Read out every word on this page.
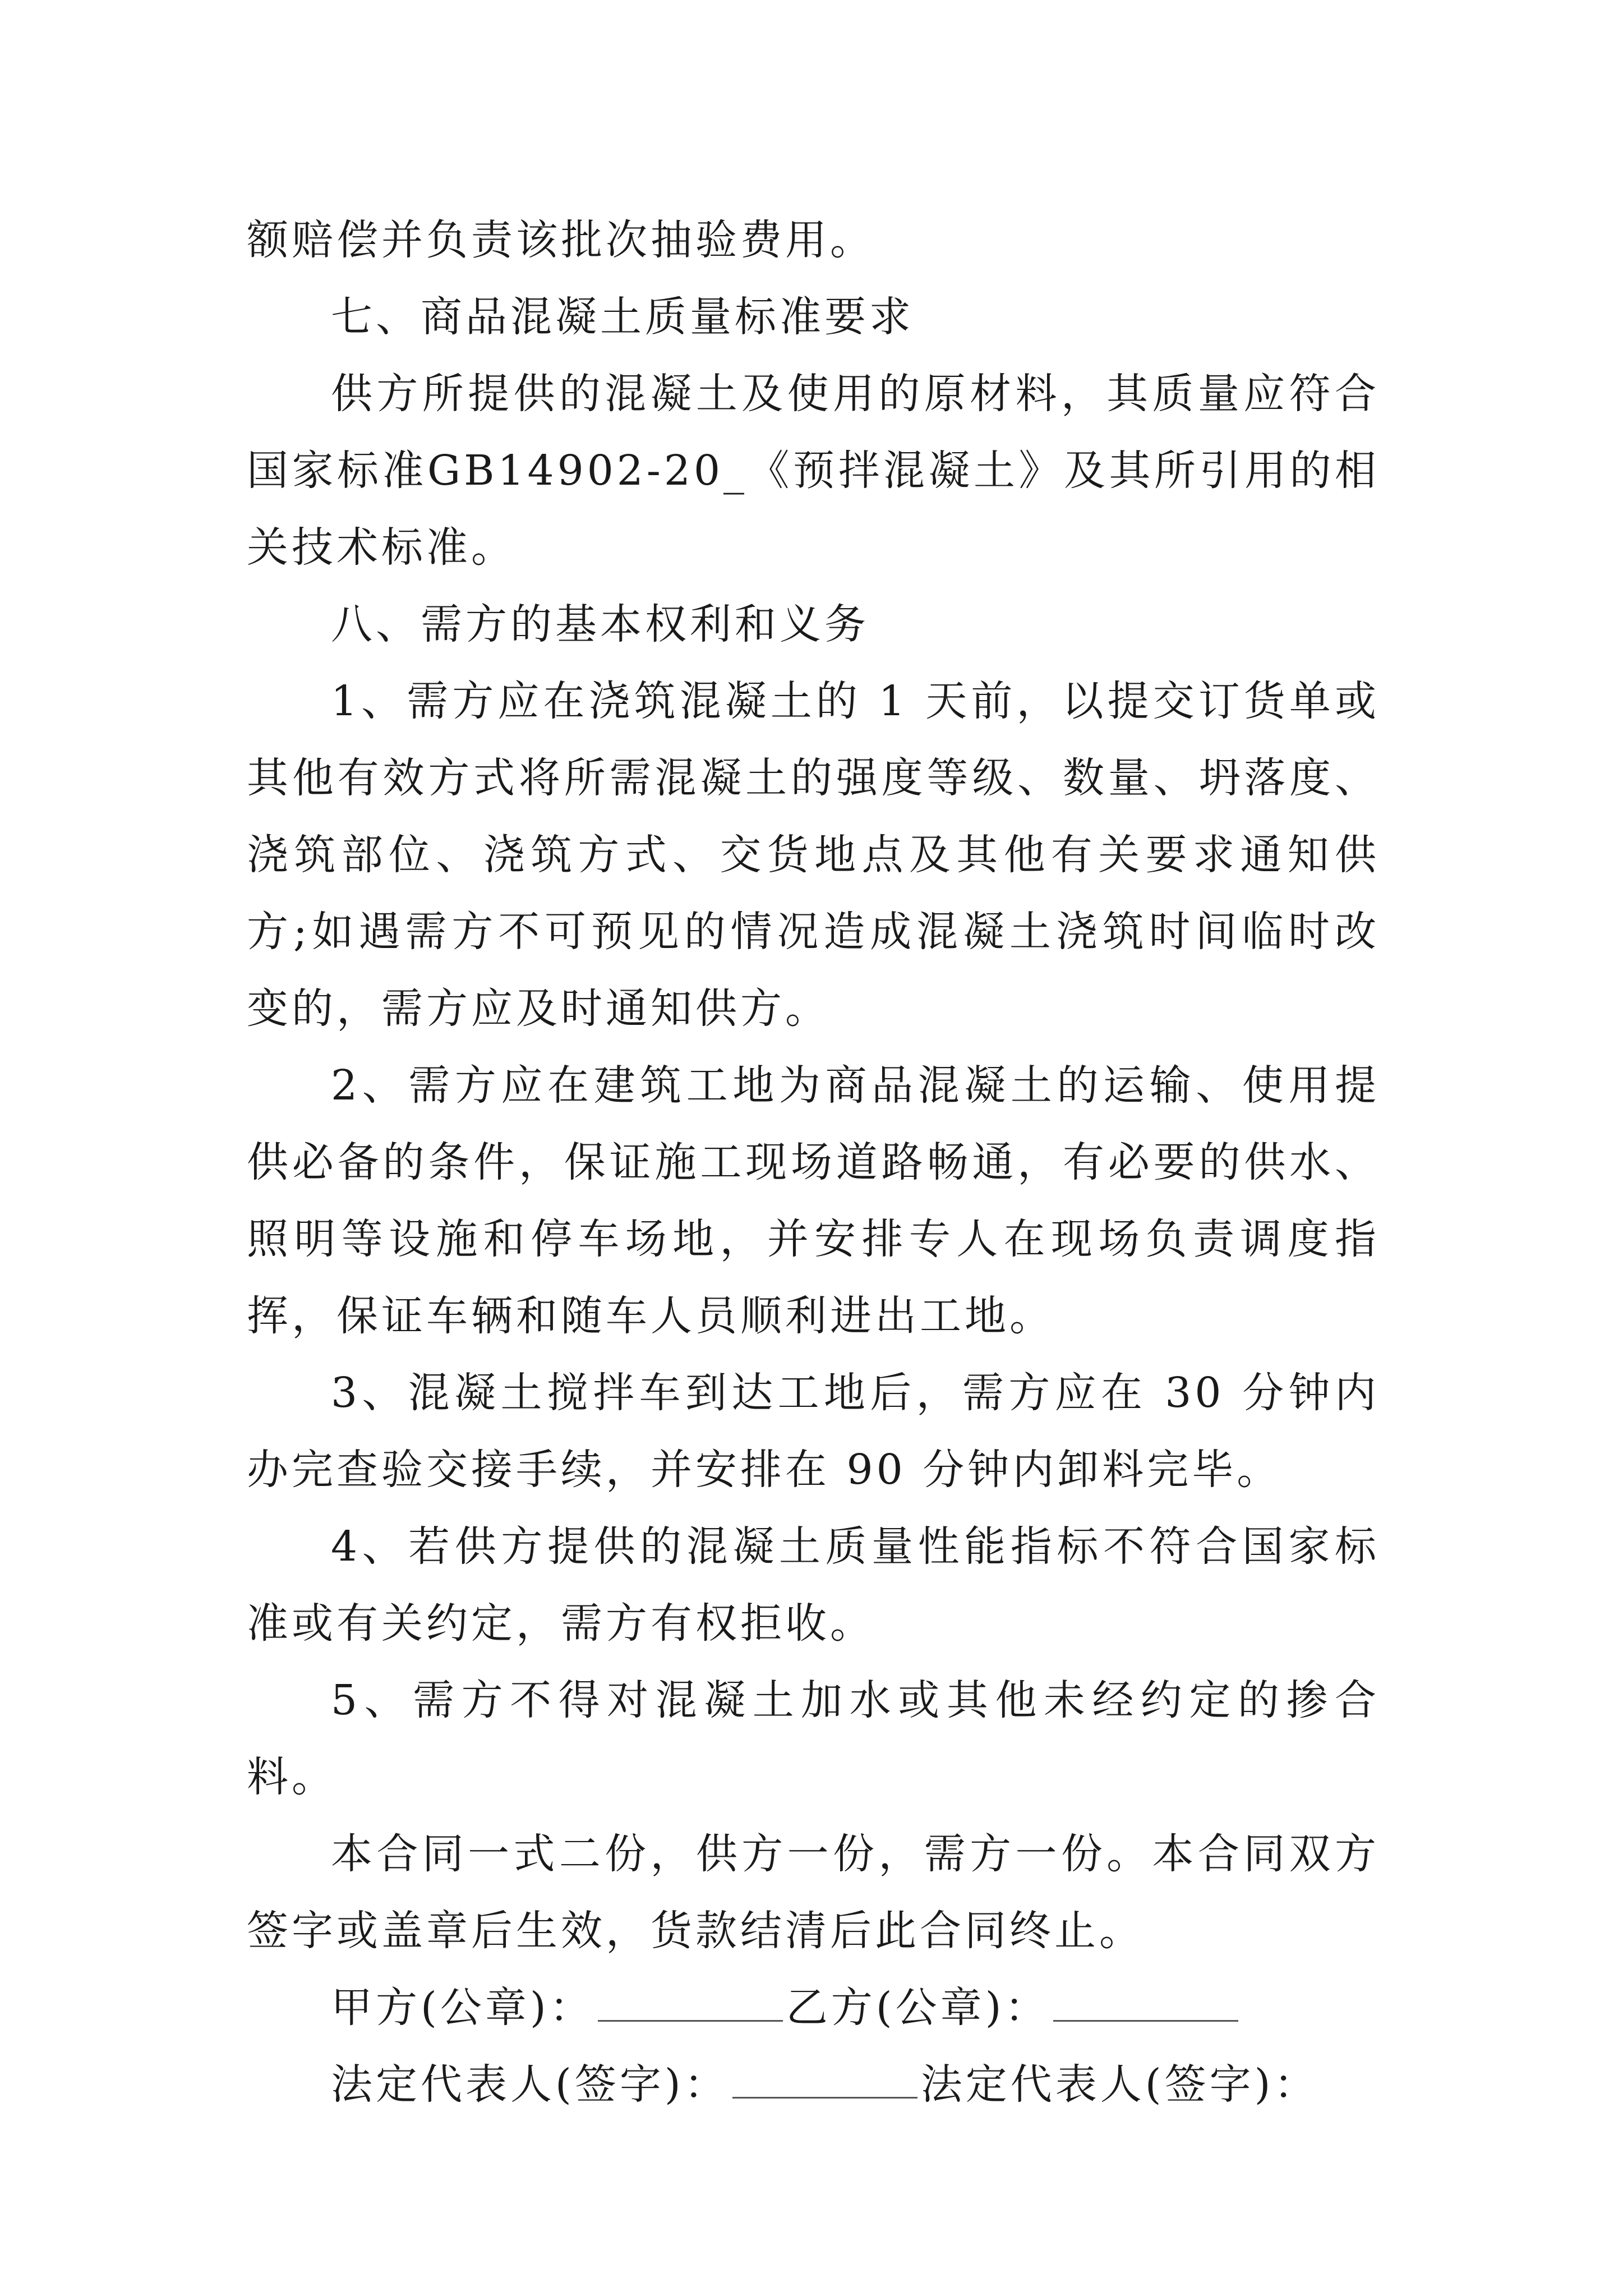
额赔偿并负责该批次抽验费用。

七、商品混凝土质量标准要求

供方所提供的混凝土及使用的原材料，其质量应符合国家标准GB14902-20_《预拌混凝土》及其所引用的相关技术标准。

八、需方的基本权利和义务

1、需方应在浇筑混凝土的 1 天前，以提交订货单或其他有效方式将所需混凝土的强度等级、数量、坍落度、浇筑部位、浇筑方式、交货地点及其他有关要求通知供方;如遇需方不可预见的情况造成混凝土浇筑时间临时改变的，需方应及时通知供方。

2、需方应在建筑工地为商品混凝土的运输、使用提供必备的条件，保证施工现场道路畅通，有必要的供水、照明等设施和停车场地，并安排专人在现场负责调度指挥，保证车辆和随车人员顺利进出工地。

3、混凝土搅拌车到达工地后，需方应在 30 分钟内办完查验交接手续，并安排在 90 分钟内卸料完毕。

4、若供方提供的混凝土质量性能指标不符合国家标准或有关约定，需方有权拒收。

5、需方不得对混凝土加水或其他未经约定的掺合料。

本合同一式二份，供方一份，需方一份。本合同双方签字或盖章后生效，货款结清后此合同终止。

甲方(公章)：	乙方(公章)：

法定代表人(签字)：	法定代表人(签字)：
